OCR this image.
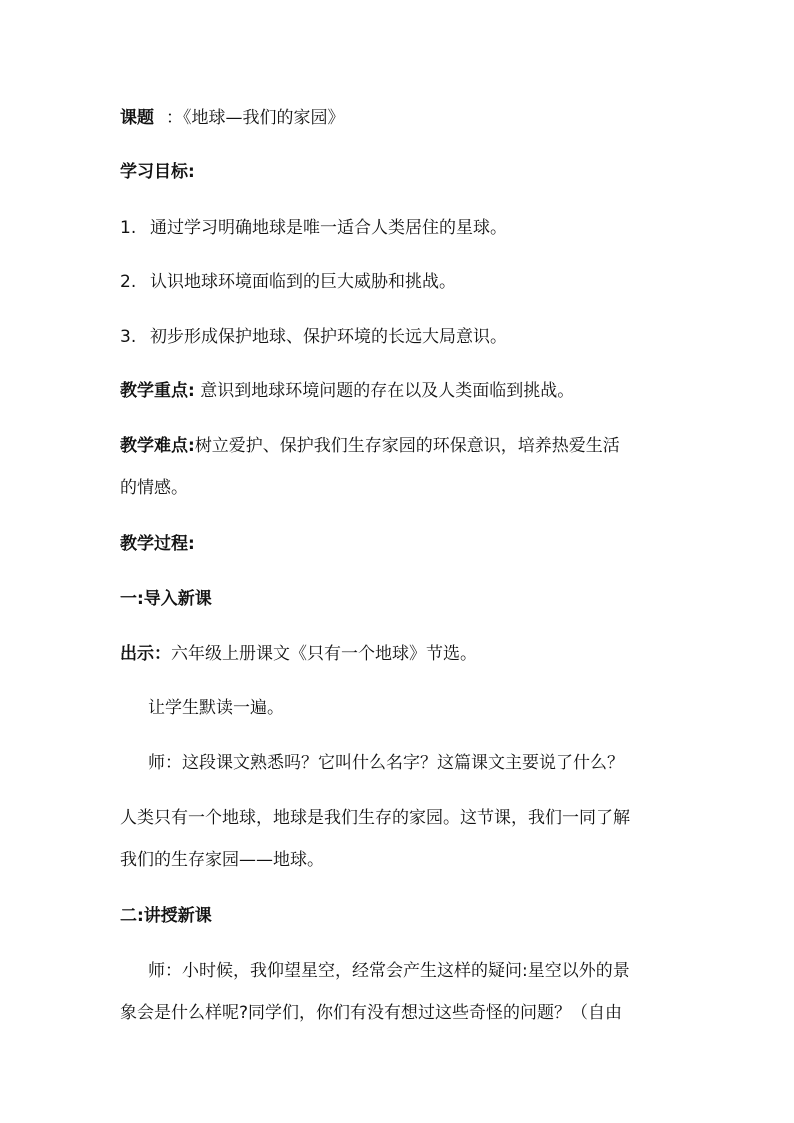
课题 ：《地球—我们的家园》
学习目标:
1. 通过学习明确地球是唯一适合人类居住的星球。
2. 认识地球环境面临到的巨大威胁和挑战。
3. 初步形成保护地球、保护环境的长远大局意识。
教学重点: 意识到地球环境问题的存在以及人类面临到挑战。
教学难点:树立爱护、保护我们生存家园的环保意识，培养热爱生活
的情感。
教学过程:
一:导入新课
出示：六年级上册课文《只有一个地球》节选。
让学生默读一遍。
师：这段课文熟悉吗？它叫什么名字？这篇课文主要说了什么？
人类只有一个地球，地球是我们生存的家园。这节课，我们一同了解
我们的生存家园——地球。
二:讲授新课
师：小时候，我仰望星空，经常会产生这样的疑问:星空以外的景
象会是什么样呢?同学们，你们有没有想过这些奇怪的问题？（自由
